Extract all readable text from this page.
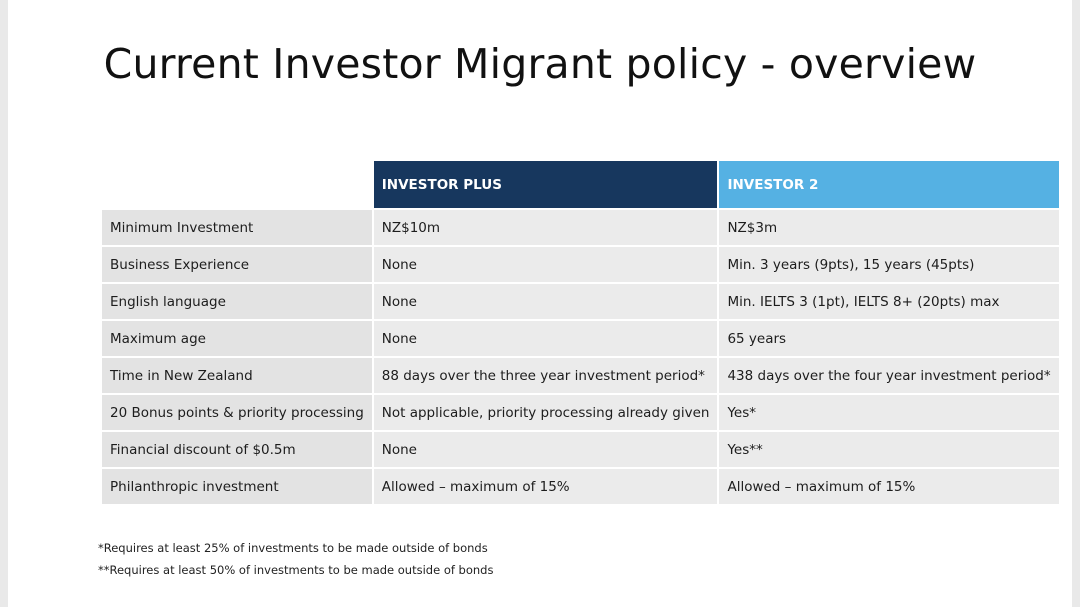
Current Investor Migrant policy - overview
	INVESTOR PLUS	INVESTOR 2
Minimum Investment	NZ$10m	NZ$3m
Business Experience	None	Min. 3 years (9pts), 15 years (45pts)
English language	None	Min. IELTS 3 (1pt), IELTS 8+ (20pts) max
Maximum age	None	65 years
Time in New Zealand	88 days over the three year investment period*	438 days over the four year investment period*
20 Bonus points & priority processing	Not applicable, priority processing already given	Yes*
Financial discount of $0.5m	None	Yes**
Philanthropic investment	Allowed – maximum of 15%	Allowed – maximum of 15%
*Requires at least 25% of investments to be made outside of bonds
**Requires at least 50% of investments to be made outside of bonds
